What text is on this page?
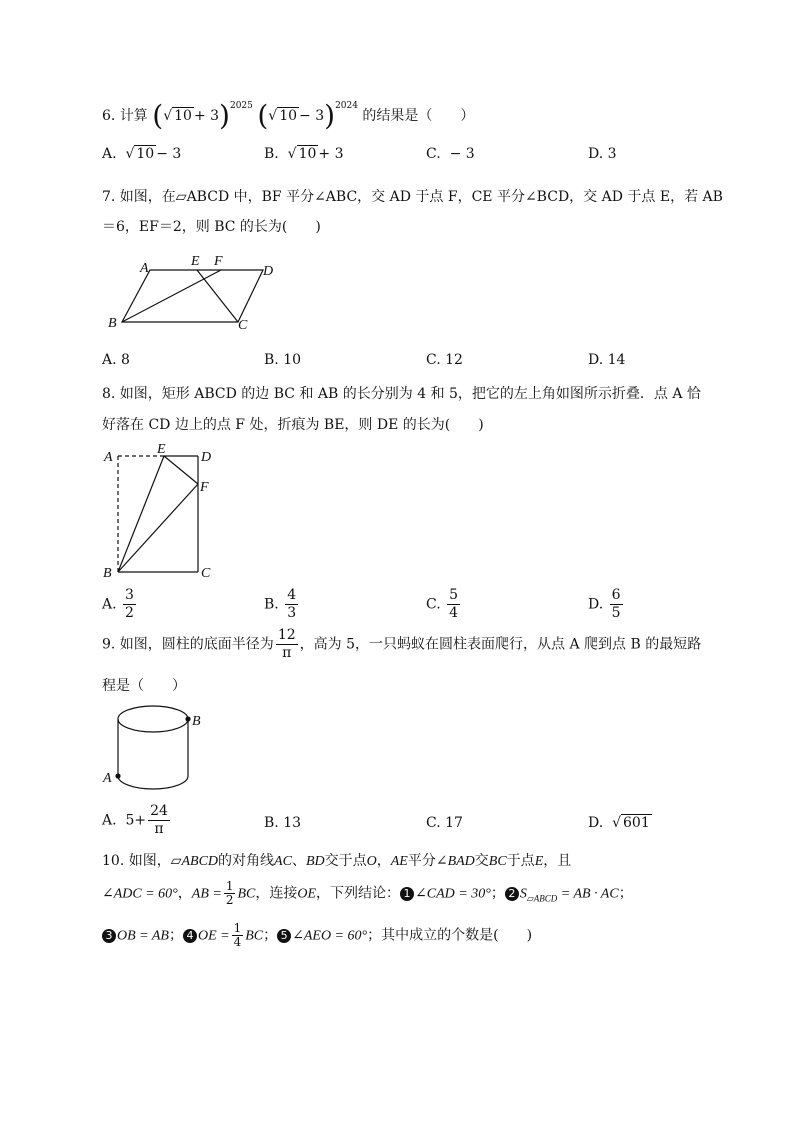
6. 计算 (√ 10 + 3)$^{2025}$ (√ 10 − 3)$^{2024}$ 的结果是（　　）
A. √ 10 − 3	B. √ 10 + 3	C. − 3	D. 3
7. 如图，在▱ABCD 中，BF 平分∠ABC，交 AD 于点 F，CE 平分∠BCD，交 AD 于点 E，若 AB
＝6，EF＝2，则 BC 的长为(　　)
A	E F
D
B	C
A. 8	B. 10	C. 12	D. 14
8. 如图，矩形 ABCD 的边 BC 和 AB 的长分别为 4 和 5，把它的左上角如图所示折叠．点 A 恰
好落在 CD 边上的点 F 处，折痕为 BE，则 DE 的长为(　　)
A
E
D
F
B	C
A. $\frac{3}{2}$	B. $\frac{4}{3}$	C. $\frac{5}{4}$	D. $\frac{6}{5}$
9. 如图，圆柱的底面半径为 $\frac{12}{\pi}$ ，高为 5，一只蚂蚁在圆柱表面爬行，从点 A 爬到点 B 的最短路
程是（　　）
B
A
A. $5+ \frac{24}{\pi}$	B. 13	C. 17	D. √ 601
10. 如图，▱ABCD的对角线AC、BD交于点O，AE平分∠BAD交BC于点E，且
∠ADC = 60°，AB = $\frac{1}{2}$ BC，连接OE，下列结论： 1 ∠CAD = 30°； 2 $S_{▱ABCD}$ = AB · AC；
3 OB = AB； 4 OE = $\frac{1}{4}$ BC； 5 ∠AEO = 60°；其中成立的个数是(　　)
